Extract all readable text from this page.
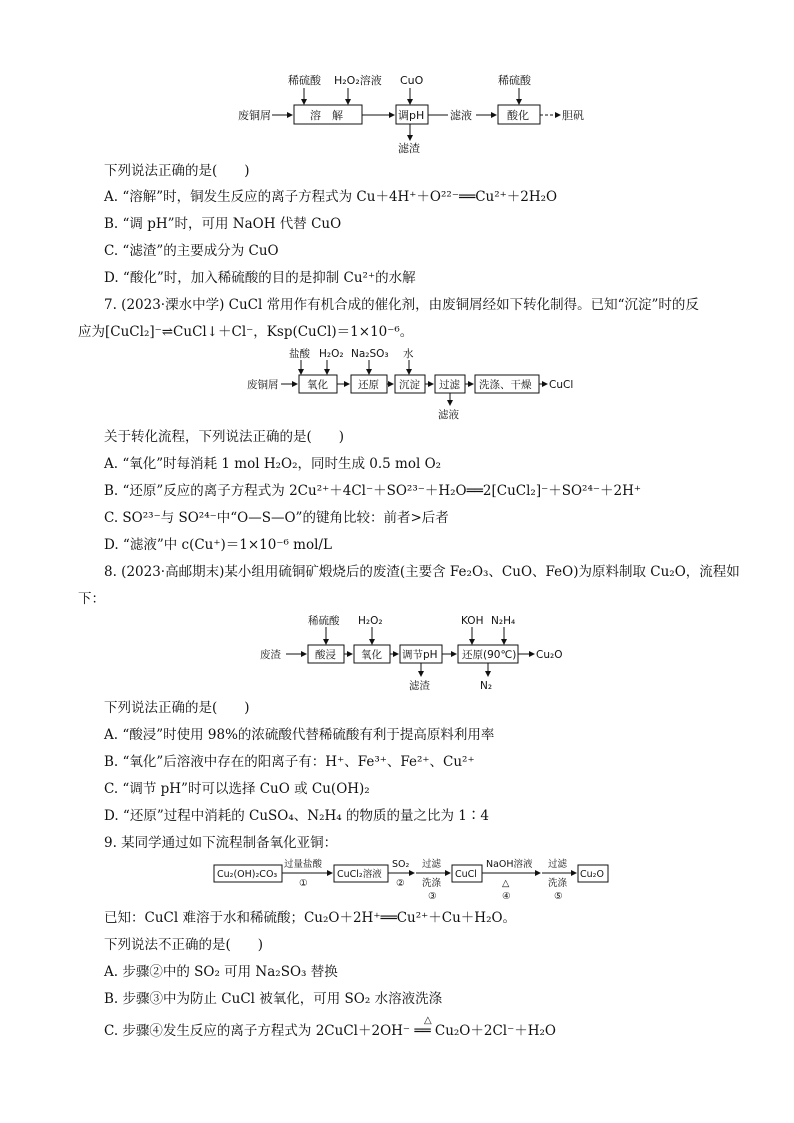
废铜屑	溶　解
稀硫酸 H₂O₂溶液
调pH
CuO
滤渣
滤液	酸化
稀硫酸
胆矾
下列说法正确的是(　　)
A. “溶解”时，铜发生反应的离子方程式为 Cu＋4H⁺＋O²²⁻══Cu²⁺＋2H₂O
B. “调 pH”时，可用 NaOH 代替 CuO
C. “滤渣”的主要成分为 CuO
D. “酸化”时，加入稀硫酸的目的是抑制 Cu²⁺的水解
7. (2023·溧水中学) CuCl 常用作有机合成的催化剂，由废铜屑经如下转化制得。已知“沉淀”时的反
应为[CuCl₂]⁻⇌CuCl↓＋Cl⁻，Ksp(CuCl)＝1×10⁻⁶。
废铜屑	氧化
盐酸 H₂O₂
还原
Na₂SO₃
沉淀
水
过滤
滤液
洗涤、干燥 CuCl
关于转化流程，下列说法正确的是(　　)
A. “氧化”时每消耗 1 mol H₂O₂，同时生成 0.5 mol O₂
B. “还原”反应的离子方程式为 2Cu²⁺＋4Cl⁻＋SO²³⁻＋H₂O══2[CuCl₂]⁻＋SO²⁴⁻＋2H⁺
C. SO²³⁻与 SO²⁴⁻中“O—S—O”的键角比较：前者>后者
D. “滤液”中 c(Cu⁺)＝1×10⁻⁶ mol/L
8. (2023·高邮期末)某小组用硫铜矿煅烧后的废渣(主要含 Fe₂O₃、CuO、FeO)为原料制取 Cu₂O，流程如
下：
废渣	酸浸
稀硫酸
氧化
H₂O₂
调节pH
滤渣
还原(90℃)
KOH N₂H₄
N₂
Cu₂O
下列说法正确的是(　　)
A. “酸浸”时使用 98%的浓硫酸代替稀硫酸有利于提高原料利用率
B. “氧化”后溶液中存在的阳离子有：H⁺、Fe³⁺、Fe²⁺、Cu²⁺
C. “调节 pH”时可以选择 CuO 或 Cu(OH)₂
D. “还原”过程中消耗的 CuSO₄、N₂H₄ 的物质的量之比为 1∶4
9. 某同学通过如下流程制备氧化亚铜：
Cu₂(OH)₂CO₃
过量盐酸
①
CuCl₂溶液
SO₂
②
过滤
洗涤
③
CuCl
NaOH溶液
△
④
过滤
洗涤
⑤
Cu₂O
已知：CuCl 难溶于水和稀硫酸；Cu₂O＋2H⁺══Cu²⁺＋Cu＋H₂O。
下列说法不正确的是(　　)
A. 步骤②中的 SO₂ 可用 Na₂SO₃ 替换
B. 步骤③中为防止 CuCl 被氧化，可用 SO₂ 水溶液洗涤
△
C. 步骤④发生反应的离子方程式为 2CuCl＋2OH⁻ ══ Cu₂O＋2Cl⁻＋H₂O
